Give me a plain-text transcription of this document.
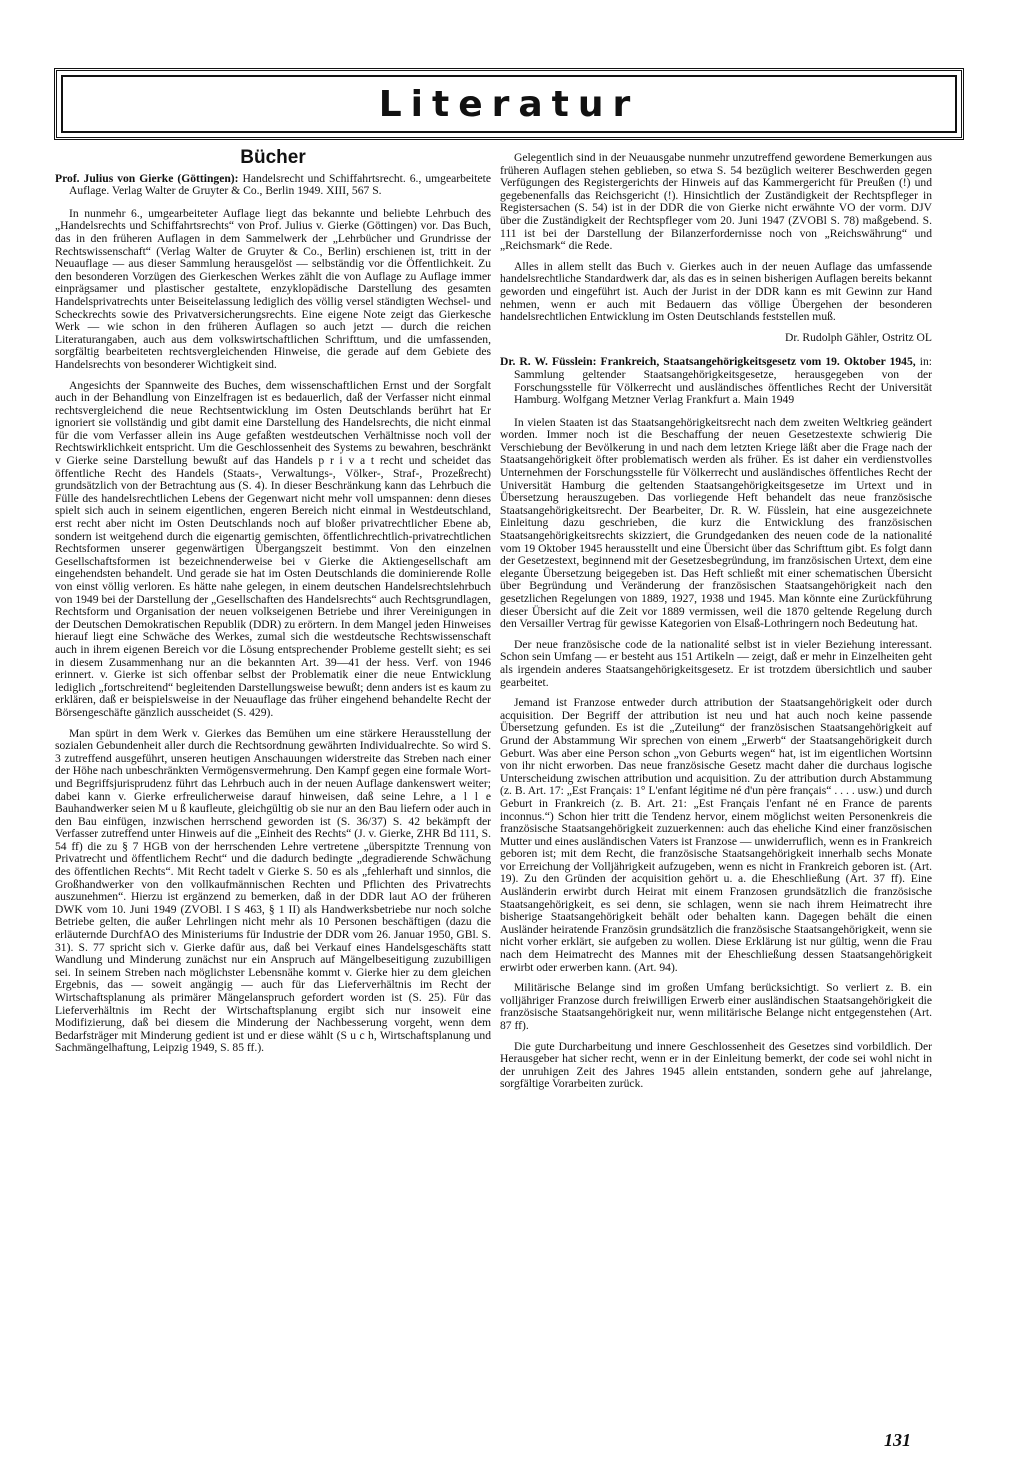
Literatur
Bücher
Prof. Julius von Gierke (Göttingen): Handelsrecht und Schiffahrtsrecht. 6., umgearbeitete Auflage. Verlag Walter de Gruyter & Co., Berlin 1949. XIII, 567 S.

In nunmehr 6., umgearbeiteter Auflage liegt das bekannte und beliebte Lehrbuch des „Handelsrechts und Schiffahrtsrechts“ von Prof. Julius v. Gierke (Göttingen) vor. Das Buch, das in den früheren Auflagen in dem Sammelwerk der „Lehrbücher und Grundrisse der Rechtswissenschaft“ (Verlag Walter de Gruyter & Co., Berlin) erschienen ist, tritt in der Neuauflage — aus dieser Sammlung herausgelöst — selbständig vor die Öffentlichkeit. Zu den besonderen Vorzügen des Gierkeschen Werkes zählt die von Auflage zu Auflage immer einprägsamer und plastischer gestaltete, enzyklopädische Darstellung des gesamten Handelsprivatrechts unter Beiseitelassung lediglich des völlig versel ständigten Wechsel- und Scheckrechts sowie des Privatversicherungsrechts. Eine eigene Note zeigt das Gierkesche Werk — wie schon in den früheren Auflagen so auch jetzt — durch die reichen Literaturangaben, auch aus dem volkswirtschaftlichen Schrifttum, und die umfassenden, sorgfältig bearbeiteten rechtsvergleichenden Hinweise, die gerade auf dem Gebiete des Handelsrechts von besonderer Wichtigkeit sind.

Angesichts der Spannweite des Buches, dem wissenschaftlichen Ernst und der Sorgfalt auch in der Behandlung von Einzelfragen ist es bedauerlich, daß der Verfasser nicht einmal rechtsvergleichend die neue Rechtsentwicklung im Osten Deutschlands berührt hat Er ignoriert sie vollständig und gibt damit eine Darstellung des Handelsrechts, die nicht einmal für die vom Verfasser allein ins Auge gefaßten westdeutschen Verhältnisse noch voll der Rechtswirklichkeit entspricht. Um die Geschlossenheit des Systems zu bewahren, beschränkt v Gierke seine Darstellung bewußt auf das Handels p r i v a t recht und scheidet das öffentliche Recht des Handels (Staats-, Verwaltungs-, Völker-, Straf-, Prozeßrecht) grundsätzlich von der Betrachtung aus (S. 4). In dieser Beschränkung kann das Lehrbuch die Fülle des handelsrechtlichen Lebens der Gegenwart nicht mehr voll umspannen: denn dieses spielt sich auch in seinem eigentlichen, engeren Bereich nicht einmal in Westdeutschland, erst recht aber nicht im Osten Deutschlands noch auf bloßer privatrechtlicher Ebene ab, sondern ist weitgehend durch die eigenartig gemischten, öffentlichrechtlich-privatrechtlichen Rechtsformen unserer gegenwärtigen Übergangszeit bestimmt. Von den einzelnen Gesellschaftsformen ist bezeichnenderweise bei v Gierke die Aktiengesellschaft am eingehendsten behandelt. Und gerade sie hat im Osten Deutschlands die dominierende Rolle von einst völlig verloren. Es hätte nahe gelegen, in einem deutschen Handelsrechtslehrbuch von 1949 bei der Darstellung der „Gesellschaften des Handelsrechts“ auch Rechtsgrundlagen, Rechtsform und Organisation der neuen volkseigenen Betriebe und ihrer Vereinigungen in der Deutschen Demokratischen Republik (DDR) zu erörtern. In dem Mangel jeden Hinweises hierauf liegt eine Schwäche des Werkes, zumal sich die westdeutsche Rechtswissenschaft auch in ihrem eigenen Bereich vor die Lösung entsprechender Probleme gestellt sieht; es sei in diesem Zusammenhang nur an die bekannten Art. 39—41 der hess. Verf. von 1946 erinnert. v. Gierke ist sich offenbar selbst der Problematik einer die neue Entwicklung lediglich „fortschreitend“ begleitenden Darstellungsweise bewußt; denn anders ist es kaum zu erklären, daß er beispielsweise in der Neuauflage das früher eingehend behandelte Recht der Börsengeschäfte gänzlich ausscheidet (S. 429).

Man spürt in dem Werk v. Gierkes das Bemühen um eine stärkere Herausstellung der sozialen Gebundenheit aller durch die Rechtsordnung gewährten Individualrechte. So wird S. 3 zutreffend ausgeführt, unseren heutigen Anschauungen widerstreite das Streben nach einer der Höhe nach unbeschränkten Vermögensvermehrung. Den Kampf gegen eine formale Wort- und Begriffsjurisprudenz führt das Lehrbuch auch in der neuen Auflage dankenswert weiter; dabei kann v. Gierke erfreulicherweise darauf hinweisen, daß seine Lehre, a l l e Bauhandwerker seien M u ß kaufleute, gleichgültig ob sie nur an den Bau liefern oder auch in den Bau einfügen, inzwischen herrschend geworden ist (S. 36/37) S. 42 bekämpft der Verfasser zutreffend unter Hinweis auf die „Einheit des Rechts“ (J. v. Gierke, ZHR Bd 111, S. 54 ff) die zu § 7 HGB von der herrschenden Lehre vertretene „überspitzte Trennung von Privatrecht und öffentlichem Recht“ und die dadurch bedingte „degradierende Schwächung des öffentlichen Rechts“. Mit Recht tadelt v Gierke S. 50 es als „fehlerhaft und sinnlos, die Großhandwerker von den vollkaufmännischen Rechten und Pflichten des Privatrechts auszunehmen“. Hierzu ist ergänzend zu bemerken, daß in der DDR laut AO der früheren DWK vom 10. Juni 1949 (ZVOBl. I S 463, § 1 II) als Handwerksbetriebe nur noch solche Betriebe gelten, die außer Lehrlingen nicht mehr als 10 Personen beschäftigen (dazu die erläuternde DurchfAO des Ministeriums für Industrie der DDR vom 26. Januar 1950, GBl. S. 31). S. 77 spricht sich v. Gierke dafür aus, daß bei Verkauf eines Handelsgeschäfts statt Wandlung und Minderung zunächst nur ein Anspruch auf Mängelbeseitigung zuzubilligen sei. In seinem Streben nach möglichster Lebensnähe kommt v. Gierke hier zu dem gleichen Ergebnis, das — soweit angängig — auch für das Lieferverhältnis im Recht der Wirtschaftsplanung als primärer Mängelanspruch gefordert worden ist (S. 25). Für das Lieferverhältnis im Recht der Wirtschaftsplanung ergibt sich nur insoweit eine Modifizierung, daß bei diesem die Minderung der Nachbesserung vorgeht, wenn dem Bedarfsträger mit Minderung gedient ist und er diese wählt (S u c h, Wirtschaftsplanung und Sachmängelhaftung, Leipzig 1949, S. 85 ff.).

Gelegentlich sind in der Neuausgabe nunmehr unzutreffend gewordene Bemerkungen aus früheren Auflagen stehen geblieben, so etwa S. 54 bezüglich weiterer Beschwerden gegen Verfügungen des Registergerichts der Hinweis auf das Kammergericht für Preußen (!) und gegebenenfalls das Reichsgericht (!). Hinsichtlich der Zuständigkeit der Rechtspfleger in Registersachen (S. 54) ist in der DDR die von Gierke nicht erwähnte VO der vorm. DJV über die Zuständigkeit der Rechtspfleger vom 20. Juni 1947 (ZVOBl S. 78) maßgebend. S. 111 ist bei der Darstellung der Bilanzerfordernisse noch von „Reichswährung“ und „Reichsmark“ die Rede.

Alles in allem stellt das Buch v. Gierkes auch in der neuen Auflage das umfassende handelsrechtliche Standardwerk dar, als das es in seinen bisherigen Auflagen bereits bekannt geworden und eingeführt ist. Auch der Jurist in der DDR kann es mit Gewinn zur Hand nehmen, wenn er auch mit Bedauern das völlige Übergehen der besonderen handelsrechtlichen Entwicklung im Osten Deutschlands feststellen muß.

Dr. Rudolph Gähler, Ostritz OL
Dr. R. W. Füsslein: Frankreich, Staatsangehörigkeitsgesetz vom 19. Oktober 1945, in: Sammlung geltender Staatsangehörigkeitsgesetze, herausgegeben von der Forschungsstelle für Völkerrecht und ausländisches öffentliches Recht der Universität Hamburg. Wolfgang Metzner Verlag Frankfurt a. Main 1949

In vielen Staaten ist das Staatsangehörigkeitsrecht nach dem zweiten Weltkrieg geändert worden. Immer noch ist die Beschaffung der neuen Gesetzestexte schwierig Die Verschiebung der Bevölkerung in und nach dem letzten Kriege läßt aber die Frage nach der Staatsangehörigkeit öfter problematisch werden als früher. Es ist daher ein verdienstvolles Unternehmen der Forschungsstelle für Völkerrecht und ausländisches öffentliches Recht der Universität Hamburg die geltenden Staatsangehörigkeitsgesetze im Urtext und in Übersetzung herauszugeben. Das vorliegende Heft behandelt das neue französische Staatsangehörigkeitsrecht. Der Bearbeiter, Dr. R. W. Füsslein, hat eine ausgezeichnete Einleitung dazu geschrieben, die kurz die Entwicklung des französischen Staatsangehörigkeitsrechts skizziert, die Grundgedanken des neuen code de la nationalité vom 19 Oktober 1945 herausstellt und eine Übersicht über das Schrifttum gibt. Es folgt dann der Gesetzestext, beginnend mit der Gesetzesbegründung, im französischen Urtext, dem eine elegante Übersetzung beigegeben ist. Das Heft schließt mit einer schematischen Übersicht über Begründung und Veränderung der französischen Staatsangehörigkeit nach den gesetzlichen Regelungen von 1889, 1927, 1938 und 1945. Man könnte eine Zurückführung dieser Übersicht auf die Zeit vor 1889 vermissen, weil die 1870 geltende Regelung durch den Versailler Vertrag für gewisse Kategorien von Elsaß-Lothringern noch Bedeutung hat.

Der neue französische code de la nationalité selbst ist in vieler Beziehung interessant. Schon sein Umfang — er besteht aus 151 Artikeln — zeigt, daß er mehr in Einzelheiten geht als irgendein anderes Staatsangehörigkeitsgesetz. Er ist trotzdem übersichtlich und sauber gearbeitet.

Jemand ist Franzose entweder durch attribution der Staatsangehörigkeit oder durch acquisition. Der Begriff der attribution ist neu und hat auch noch keine passende Übersetzung gefunden. Es ist die „Zuteilung“ der französischen Staatsangehörigkeit auf Grund der Abstammung Wir sprechen von einem „Erwerb“ der Staatsangehörigkeit durch Geburt. Was aber eine Person schon „von Geburts wegen“ hat, ist im eigentlichen Wortsinn von ihr nicht erworben. Das neue französische Gesetz macht daher die durchaus logische Unterscheidung zwischen attribution und acquisition. Zu der attribution durch Abstammung (z. B. Art. 17: „Est Français: 1° L'enfant légitime né d'un père français“ . . . . usw.) und durch Geburt in Frankreich (z. B. Art. 21: „Est Français l'enfant né en France de parents inconnus.“) Schon hier tritt die Tendenz hervor, einem möglichst weiten Personenkreis die französische Staatsangehörigkeit zuzuerkennen: auch das eheliche Kind einer französischen Mutter und eines ausländischen Vaters ist Franzose — unwiderruflich, wenn es in Frankreich geboren ist; mit dem Recht, die französische Staatsangehörigkeit innerhalb sechs Monate vor Erreichung der Volljährigkeit aufzugeben, wenn es nicht in Frankreich geboren ist. (Art. 19). Zu den Gründen der acquisition gehört u. a. die Eheschließung (Art. 37 ff). Eine Ausländerin erwirbt durch Heirat mit einem Franzosen grundsätzlich die französische Staatsangehörigkeit, es sei denn, sie schlagen, wenn sie nach ihrem Heimatrecht ihre bisherige Staatsangehörigkeit behält oder behalten kann. Dagegen behält die einen Ausländer heiratende Französin grundsätzlich die französische Staatsangehörigkeit, wenn sie nicht vorher erklärt, sie aufgeben zu wollen. Diese Erklärung ist nur gültig, wenn die Frau nach dem Heimatrecht des Mannes mit der Eheschließung dessen Staatsangehörigkeit erwirbt oder erwerben kann. (Art. 94).

Militärische Belange sind im großen Umfang berücksichtigt. So verliert z. B. ein volljähriger Franzose durch freiwilligen Erwerb einer ausländischen Staatsangehörigkeit die französische Staatsangehörigkeit nur, wenn militärische Belange nicht entgegenstehen (Art. 87 ff).

Die gute Durcharbeitung und innere Geschlossenheit des Gesetzes sind vorbildlich. Der Herausgeber hat sicher recht, wenn er in der Einleitung bemerkt, der code sei wohl nicht in der unruhigen Zeit des Jahres 1945 allein entstanden, sondern gehe auf jahrelange, sorgfältige Vorarbeiten zurück.

131
